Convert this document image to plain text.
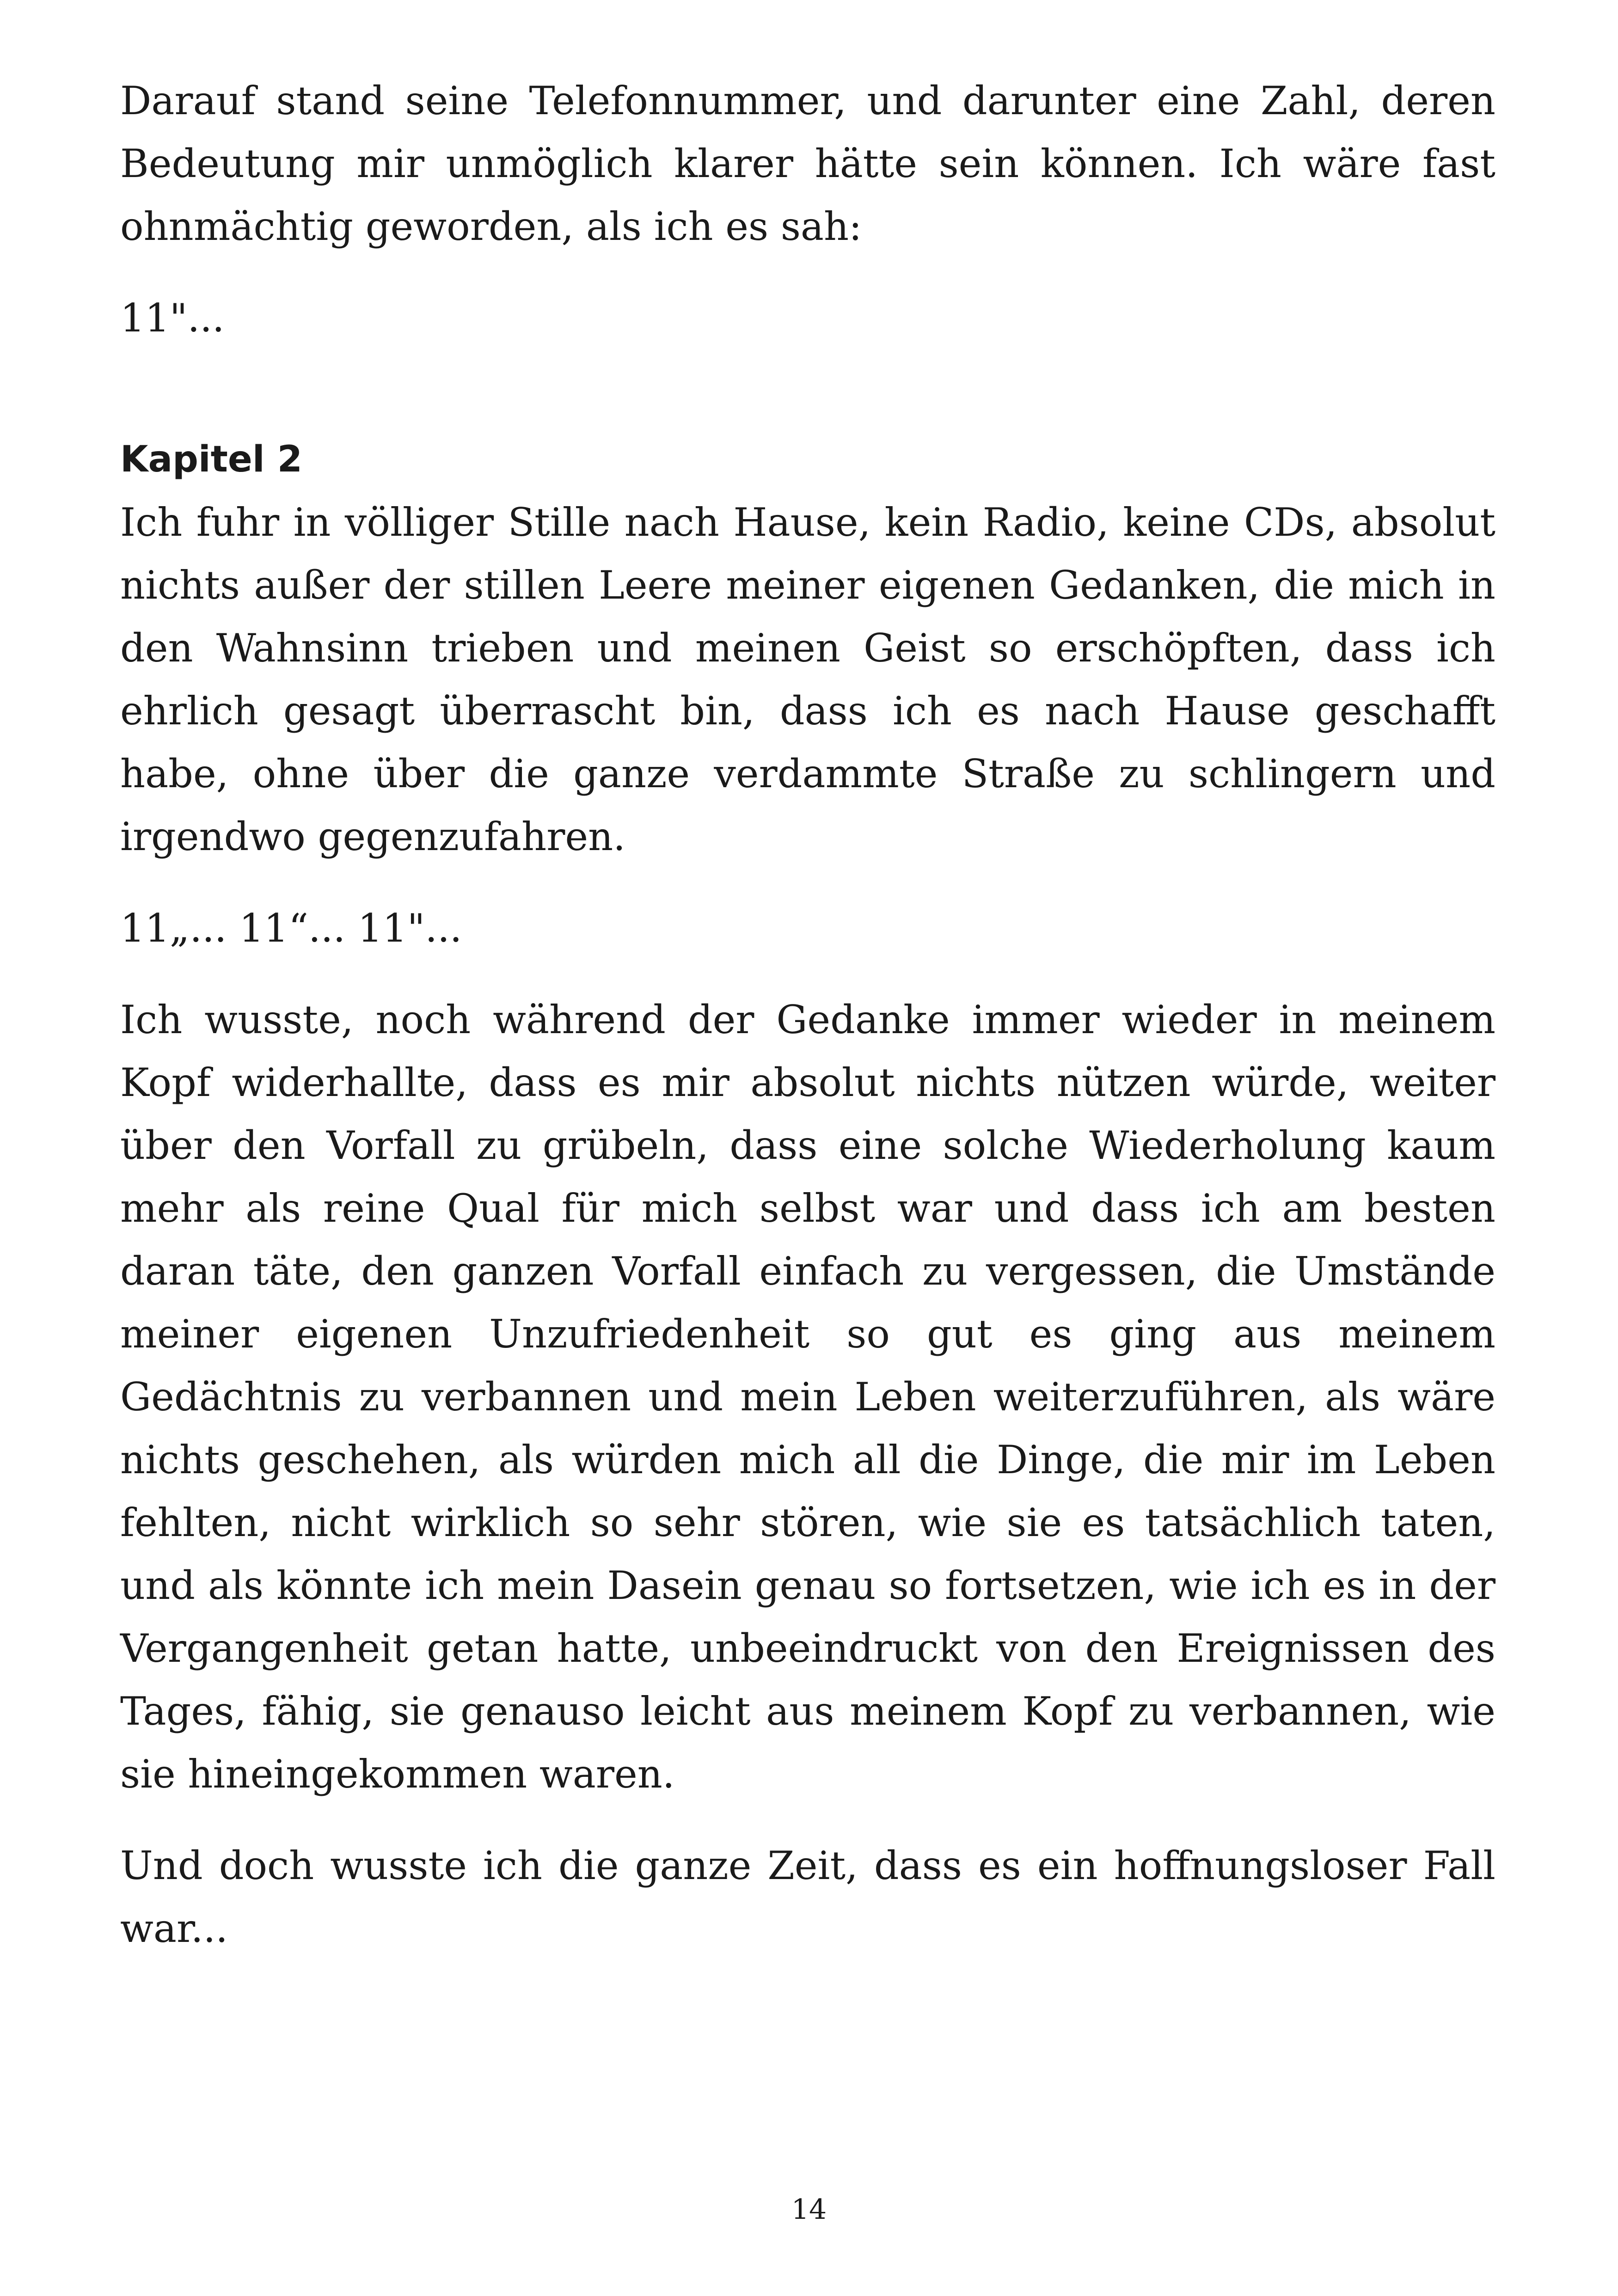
Darauf stand seine Telefonnummer, und darunter eine Zahl, deren Bedeutung mir unmöglich klarer hätte sein können. Ich wäre fast ohnmächtig geworden, als ich es sah:

11"...

Kapitel 2

Ich fuhr in völliger Stille nach Hause, kein Radio, keine CDs, absolut nichts außer der stillen Leere meiner eigenen Gedanken, die mich in den Wahnsinn trieben und meinen Geist so erschöpften, dass ich ehrlich gesagt überrascht bin, dass ich es nach Hause geschafft habe, ohne über die ganze verdammte Straße zu schlingern und irgendwo gegenzufahren.

11„... 11“... 11"...

Ich wusste, noch während der Gedanke immer wieder in meinem Kopf widerhallte, dass es mir absolut nichts nützen würde, weiter über den Vorfall zu grübeln, dass eine solche Wiederholung kaum mehr als reine Qual für mich selbst war und dass ich am besten daran täte, den ganzen Vorfall einfach zu vergessen, die Umstände meiner eigenen Unzufriedenheit so gut es ging aus meinem Gedächtnis zu verbannen und mein Leben weiterzuführen, als wäre nichts geschehen, als würden mich all die Dinge, die mir im Leben fehlten, nicht wirklich so sehr stören, wie sie es tatsächlich taten, und als könnte ich mein Dasein genau so fortsetzen, wie ich es in der Vergangenheit getan hatte, unbeeindruckt von den Ereignissen des Tages, fähig, sie genauso leicht aus meinem Kopf zu verbannen, wie sie hineingekommen waren.

Und doch wusste ich die ganze Zeit, dass es ein hoffnungsloser Fall war...

14
